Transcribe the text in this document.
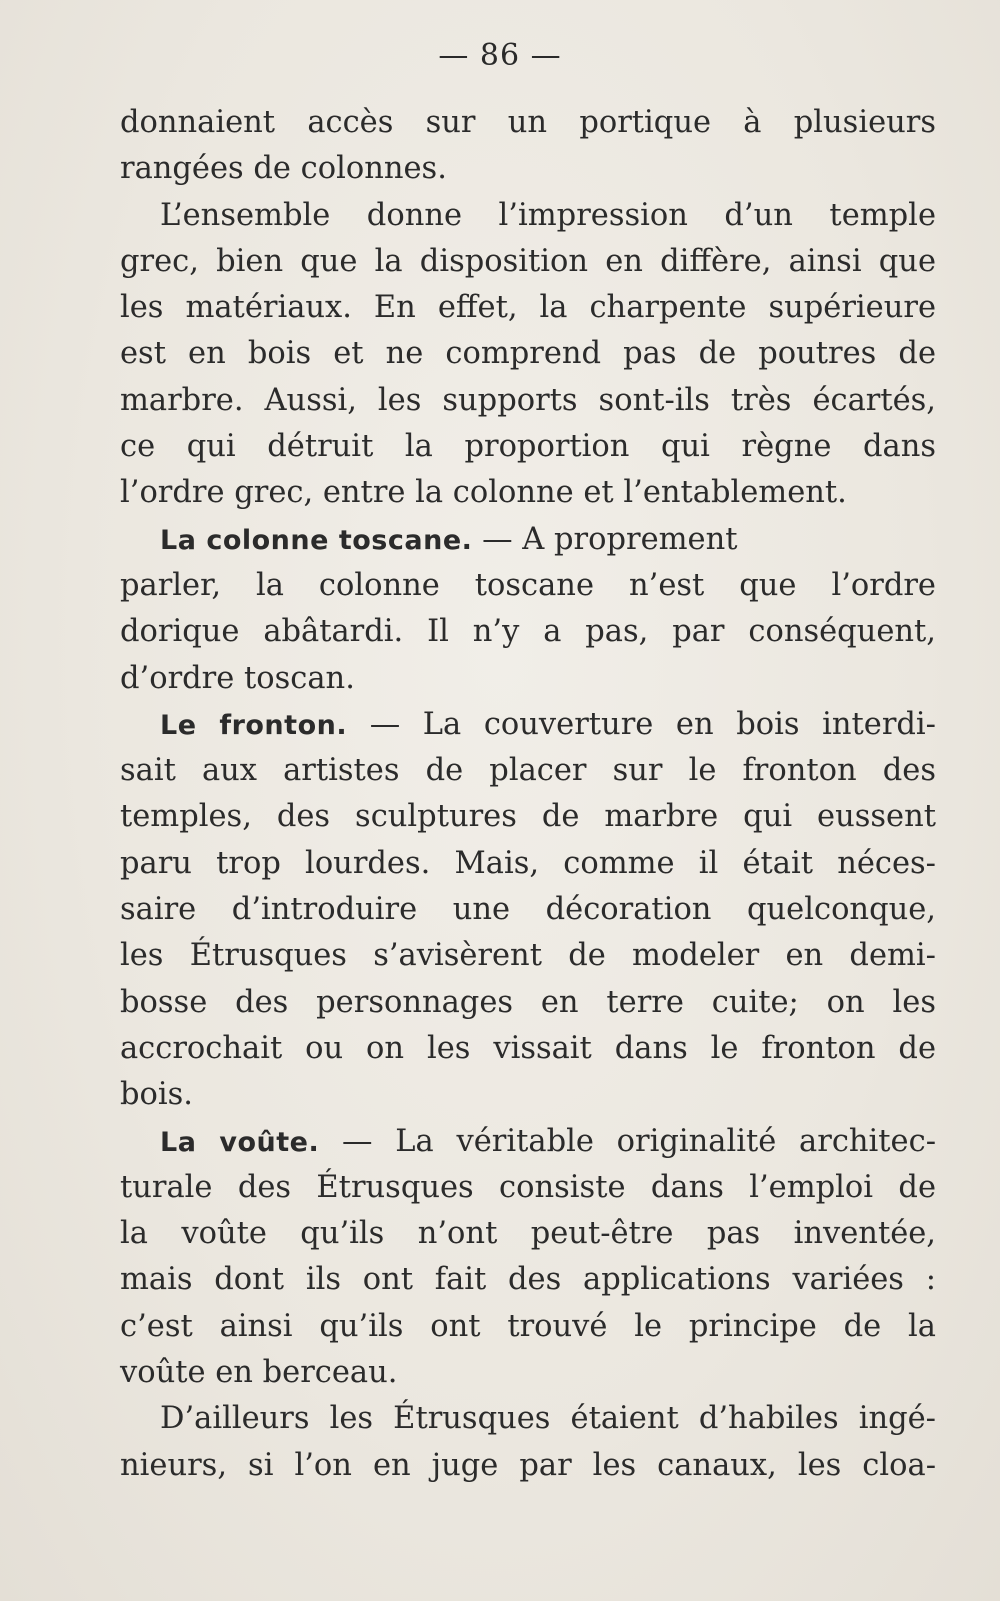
— 86 —
donnaient accès sur un portique à plusieurs
rangées de colonnes.
L’ensemble donne l’impression d’un temple
grec, bien que la disposition en diffère, ainsi que
les matériaux. En effet, la charpente supérieure
est en bois et ne comprend pas de poutres de
marbre. Aussi, les supports sont-ils très écartés,
ce qui détruit la proportion qui règne dans
l’ordre grec, entre la colonne et l’entablement.
La colonne toscane. — A proprement
parler, la colonne toscane n’est que l’ordre
dorique abâtardi. Il n’y a pas, par conséquent,
d’ordre toscan.
Le fronton. — La couverture en bois interdi-
sait aux artistes de placer sur le fronton des
temples, des sculptures de marbre qui eussent
paru trop lourdes. Mais, comme il était néces-
saire d’introduire une décoration quelconque,
les Étrusques s’avisèrent de modeler en demi-
bosse des personnages en terre cuite; on les
accrochait ou on les vissait dans le fronton de
bois.
La voûte. — La véritable originalité architec-
turale des Étrusques consiste dans l’emploi de
la voûte qu’ils n’ont peut-être pas inventée,
mais dont ils ont fait des applications variées :
c’est ainsi qu’ils ont trouvé le principe de la
voûte en berceau.
D’ailleurs les Étrusques étaient d’habiles ingé-
nieurs, si l’on en juge par les canaux, les cloa-
